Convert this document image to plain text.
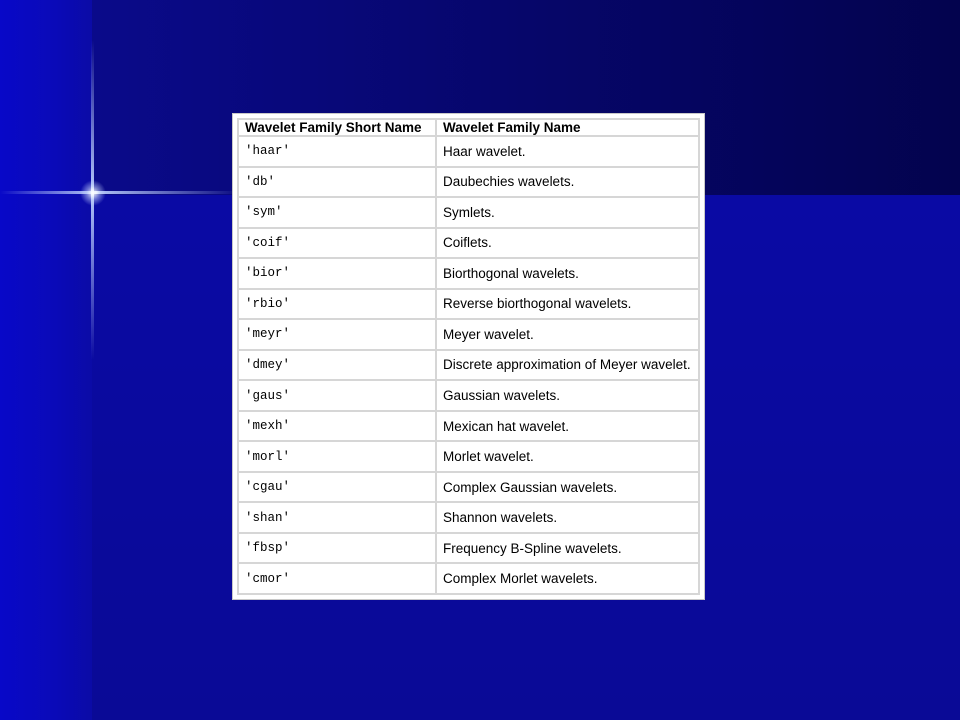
Wavelet Family Short Name	Wavelet Family Name
'haar'	Haar wavelet.
'db'	Daubechies wavelets.
'sym'	Symlets.
'coif'	Coiflets.
'bior'	Biorthogonal wavelets.
'rbio'	Reverse biorthogonal wavelets.
'meyr'	Meyer wavelet.
'dmey'	Discrete approximation of Meyer wavelet.
'gaus'	Gaussian wavelets.
'mexh'	Mexican hat wavelet.
'morl'	Morlet wavelet.
'cgau'	Complex Gaussian wavelets.
'shan'	Shannon wavelets.
'fbsp'	Frequency B-Spline wavelets.
'cmor'	Complex Morlet wavelets.
